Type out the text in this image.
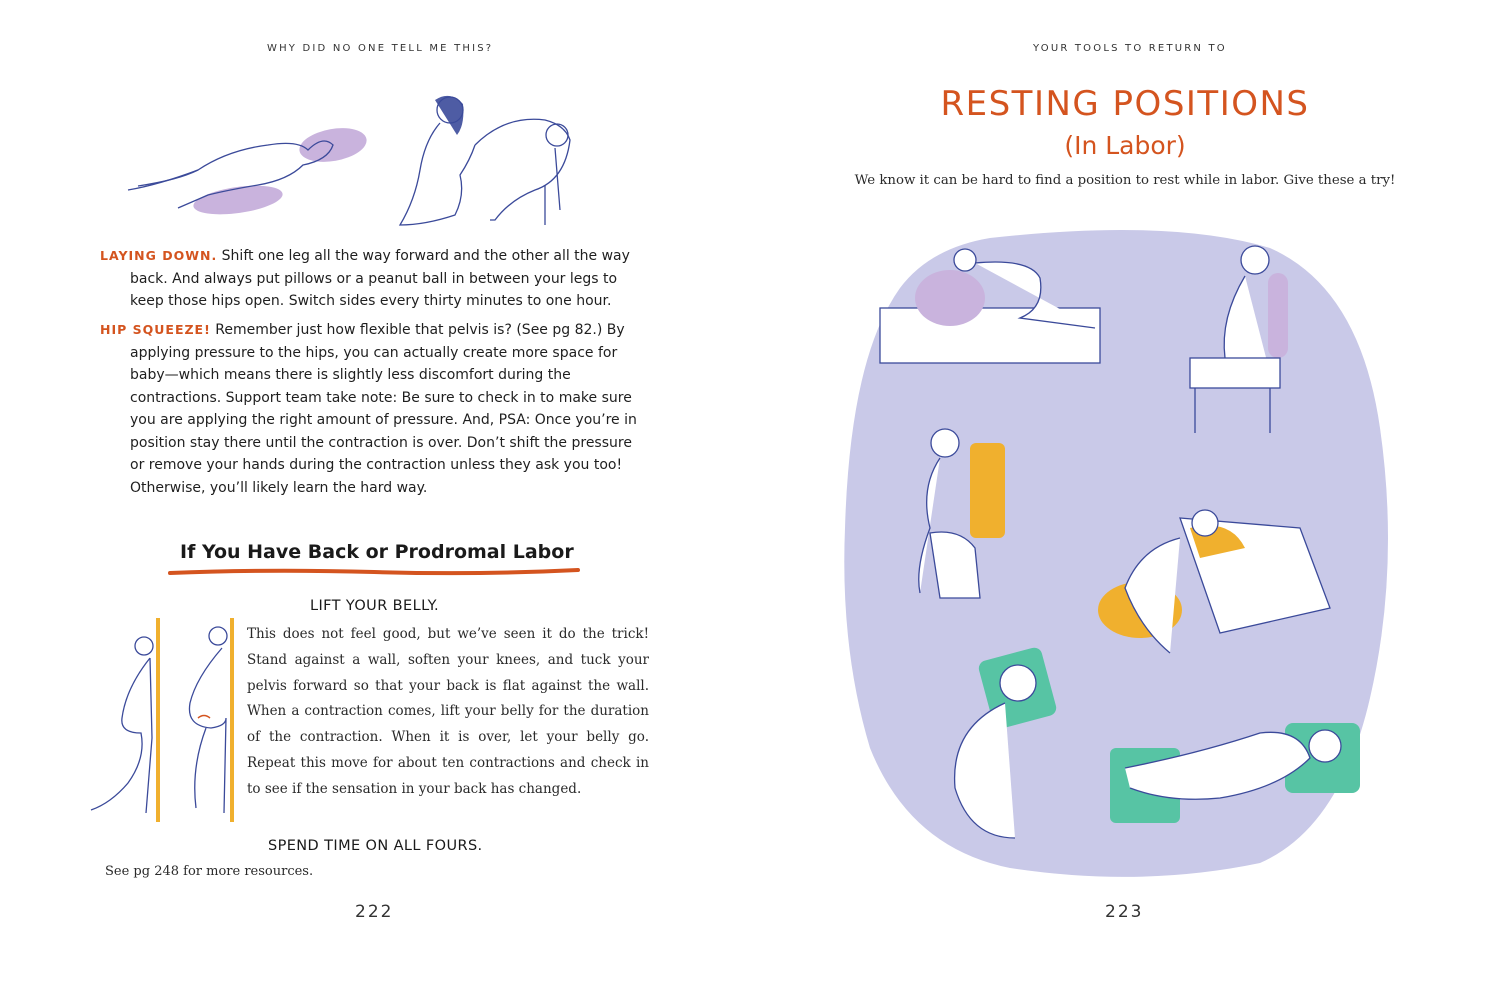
WHY DID NO ONE TELL ME THIS?

LAYING DOWN. Shift one leg all the way forward and the other all the way back. And always put pillows or a peanut ball in between your legs to keep those hips open. Switch sides every thirty minutes to one hour.

HIP SQUEEZE! Remember just how flexible that pelvis is? (See pg 82.) By applying pressure to the hips, you can actually create more space for baby—which means there is slightly less discomfort during the contractions. Support team take note: Be sure to check in to make sure you are applying the right amount of pressure. And, PSA: Once you’re in position stay there until the contraction is over. Don’t shift the pressure or remove your hands during the contraction unless they ask you too! Otherwise, you’ll likely learn the hard way.

If You Have Back or Prodromal Labor
LIFT YOUR BELLY.
This does not feel good, but we’ve seen it do the trick! Stand against a wall, soften your knees, and tuck your pelvis forward so that your back is flat against the wall. When a contraction comes, lift your belly for the duration of the contraction. When it is over, let your belly go. Repeat this move for about ten contractions and check in to see if the sensation in your back has changed.
SPEND TIME ON ALL FOURS.
See pg 248 for more resources.
222
YOUR TOOLS TO RETURN TO
RESTING POSITIONS
(In Labor)
We know it can be hard to find a position to rest while in labor. Give these a try!
223
